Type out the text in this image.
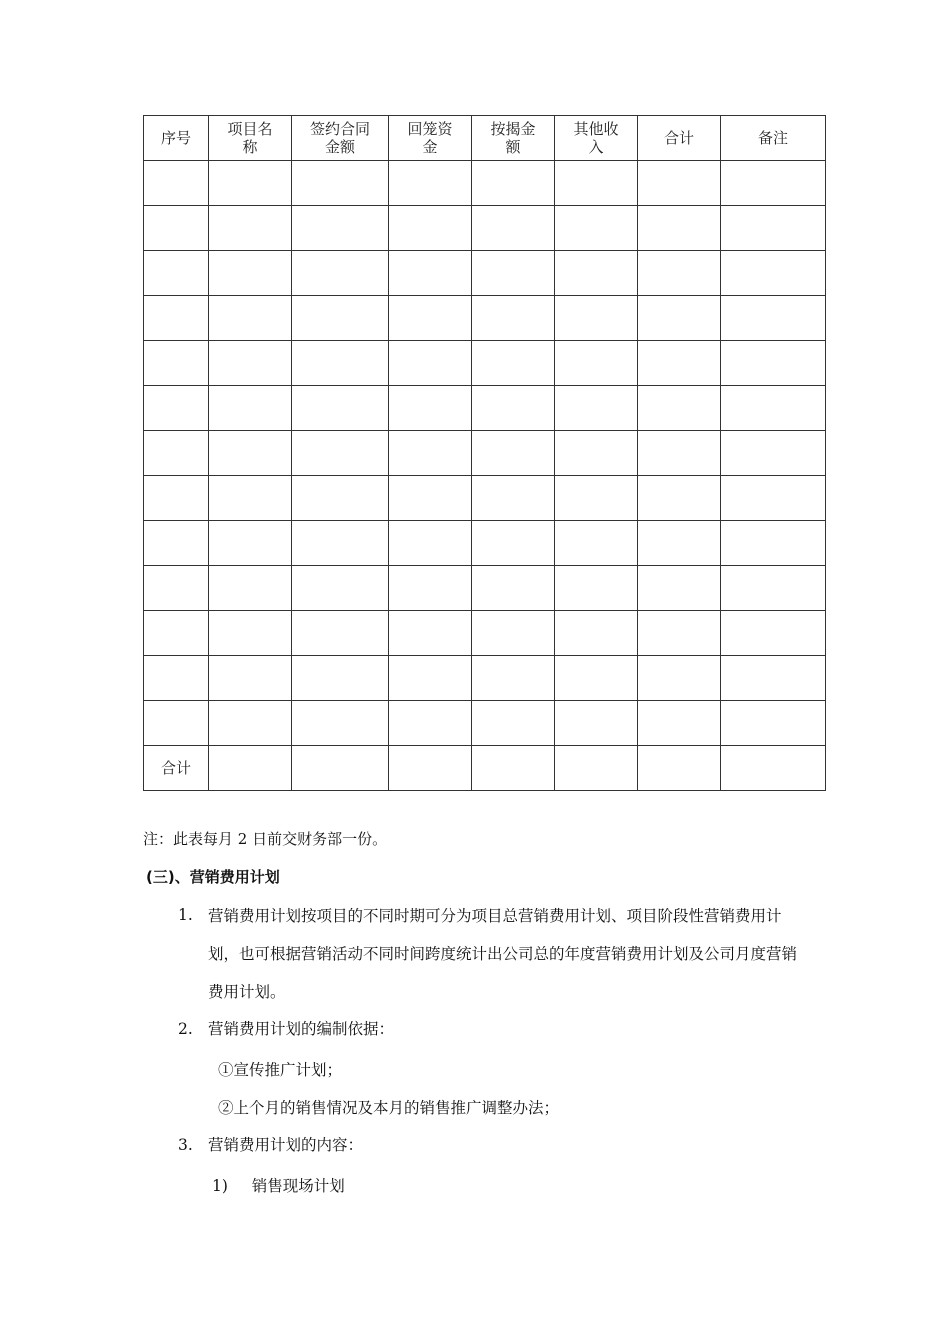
序号	项目名称	签约合同金额	回笼资金	按揭金额	其他收入	合计	备注

合计							
注：此表每月 2 日前交财务部一份。
(三)、营销费用计划
1. 营销费用计划按项目的不同时期可分为项目总营销费用计划、项目阶段性营销费用计划，也可根据营销活动不同时间跨度统计出公司总的年度营销费用计划及公司月度营销费用计划。
2. 营销费用计划的编制依据：
①宣传推广计划；
②上个月的销售情况及本月的销售推广调整办法；
3. 营销费用计划的内容：
1) 销售现场计划
